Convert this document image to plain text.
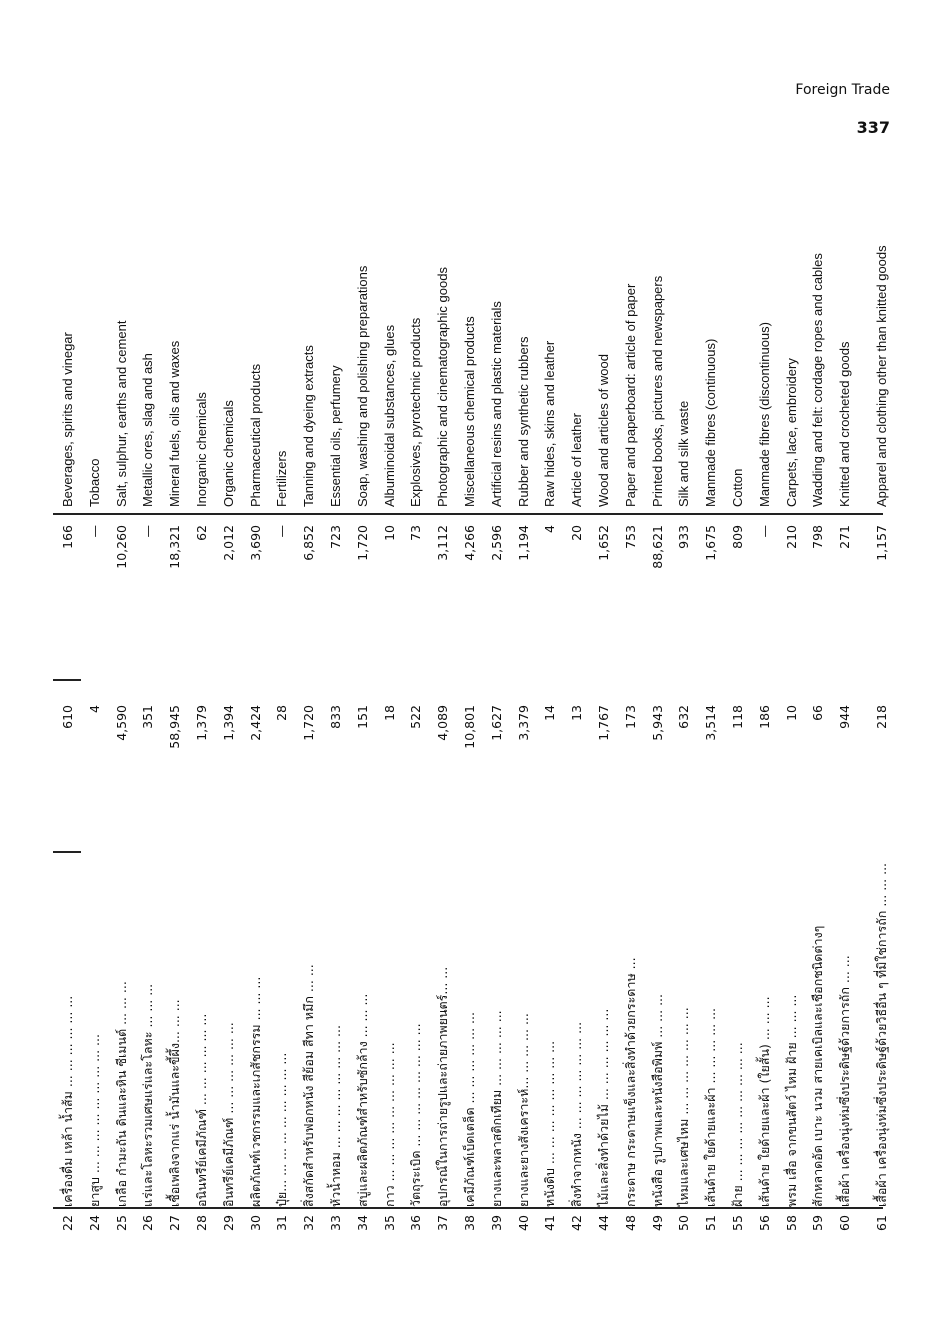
Foreign Trade
337
22
เครื่องดื่ม เหล้า น้ำส้ม ... ... ... ... ... ...
610
166
Beverages, spirits and vinegar
24
ยาสูบ ... ... ... ... ... ... ... ... ...
4
—
Tobacco
25
เกลือ กำมะถัน ดินและหิน ซีเมนต์ ... ... ...
4,590
10,260
Salt, sulphur, earths and cement
26
แร่และโลหะรวมเศษแร่และโลหะ ... ... ...
351
—
Metallic ores, slag and ash
27
เชื้อเพลิงจากแร่ น้ำมันและขี้ผึ้ง... ... ...
58,945
18,321
Mineral fuels, oils and waxes
28
อนินทรีย์เคมีภัณฑ์ ... ... ... ... ... ...
1,379
62
Inorganic chemicals
29
อินทรีย์เคมีภัณฑ์ ... ... ... ... ... ...
1,394
2,012
Organic chemicals
30
ผลิตภัณฑ์เวชกรรมและเภสัชกรรม ... ... ...
2,424
3,690
Pharmaceutical products
31
ปุ๋ย... ... ... ... ... ... ... ... ...
28
—
Fertilizers
32
สิ่งสกัดสำหรับฟอกหนัง สีย้อม สีทา หมึก ... ...
1,720
6,852
Tanning and dyeing extracts
33
หัวน้ำหอม ... ... ... ... ... ... ... ...
833
723
Essential oils, perfumery
34
สบู่และผลิตภัณฑ์สำหรับซักล้าง ... ... ...
151
1,720
Soap, washing and polishing preparations
35
กาว ... ... ... ... ... ... ... ... ...
18
10
Albuminoidal substances, glues
36
วัตถุระเบิด ... ... ... ... ... ... ... ...
522
73
Explosives, pyrotechnic products
37
อุปกรณ์ในการถ่ายรูปและถ่ายภาพยนตร์... ...
4,089
3,112
Photographic and cinematographic goods
38
เคมีภัณฑ์เบ็ดเตล็ด ... ... ... ... ... ...
10,801
4,266
Miscellaneous chemical products
39
ยางและพลาสติกเทียม ... ... ... ... ...
1,627
2,596
Artificial resins and plastic materials
40
ยางและยางสังเคราะห์... ... ... ... ...
3,379
1,194
Rubber and synthetic rubbers
41
หนังดิบ ... ... ... ... ... ... ... ...
14
4
Raw hides, skins and leather
42
สิ่งทำจากหนัง ... ... ... ... ... ... ...
13
20
Article of leather
44
ไม้และสิ่งทำด้วยไม้ ... ... ... ... ... ...
1,767
1,652
Wood and articles of wood
48
กระดาษ กระดาษแข็งและสิ่งทำด้วยกระดาษ ...
173
753
Paper and paperboard: article of paper
49
หนังสือ รูปภาพและหนังสือพิมพ์ ... ... ...
5,943
88,621
Printed books, pictures and newspapers
50
ไหมและเศษไหม ... ... ... ... ... ... ...
632
933
Silk and silk waste
51
เส้นด้าย ใยด้ายและผ้า ... ... ... ... ...
3,514
1,675
Manmade fibres (continuous)
55
ฝ้าย ... ... ... ... ... ... ... ... ...
118
809
Cotton
56
เส้นด้าย ใยด้ายและผ้า (ใยสั้น) ... ... ...
186
—
Manmade fibres (discontinuous)
58
พรม เสื่อ จากขนสัตว์ ไหม ฝ้าย ... ... ...
10
210
Carpets, lace, embroidery
59
สักหลาดอัด เบาะ นวม สายเคเบิลและเชือกชนิดต่างๆ
66
798
Wadding and felt: cordage ropes and cables
60
เสื้อผ้า เครื่องนุ่งห่มซึ่งประดิษฐ์ด้วยการถัก ... ...
944
271
Knitted and crocheted goods
61
เสื้อผ้า เครื่องนุ่งห่มซึ่งประดิษฐ์ด้วยวิธีอื่น ๆ ที่มิใช่การถัก ... ... ...
218
1,157
Apparel and clothing other than knitted goods
